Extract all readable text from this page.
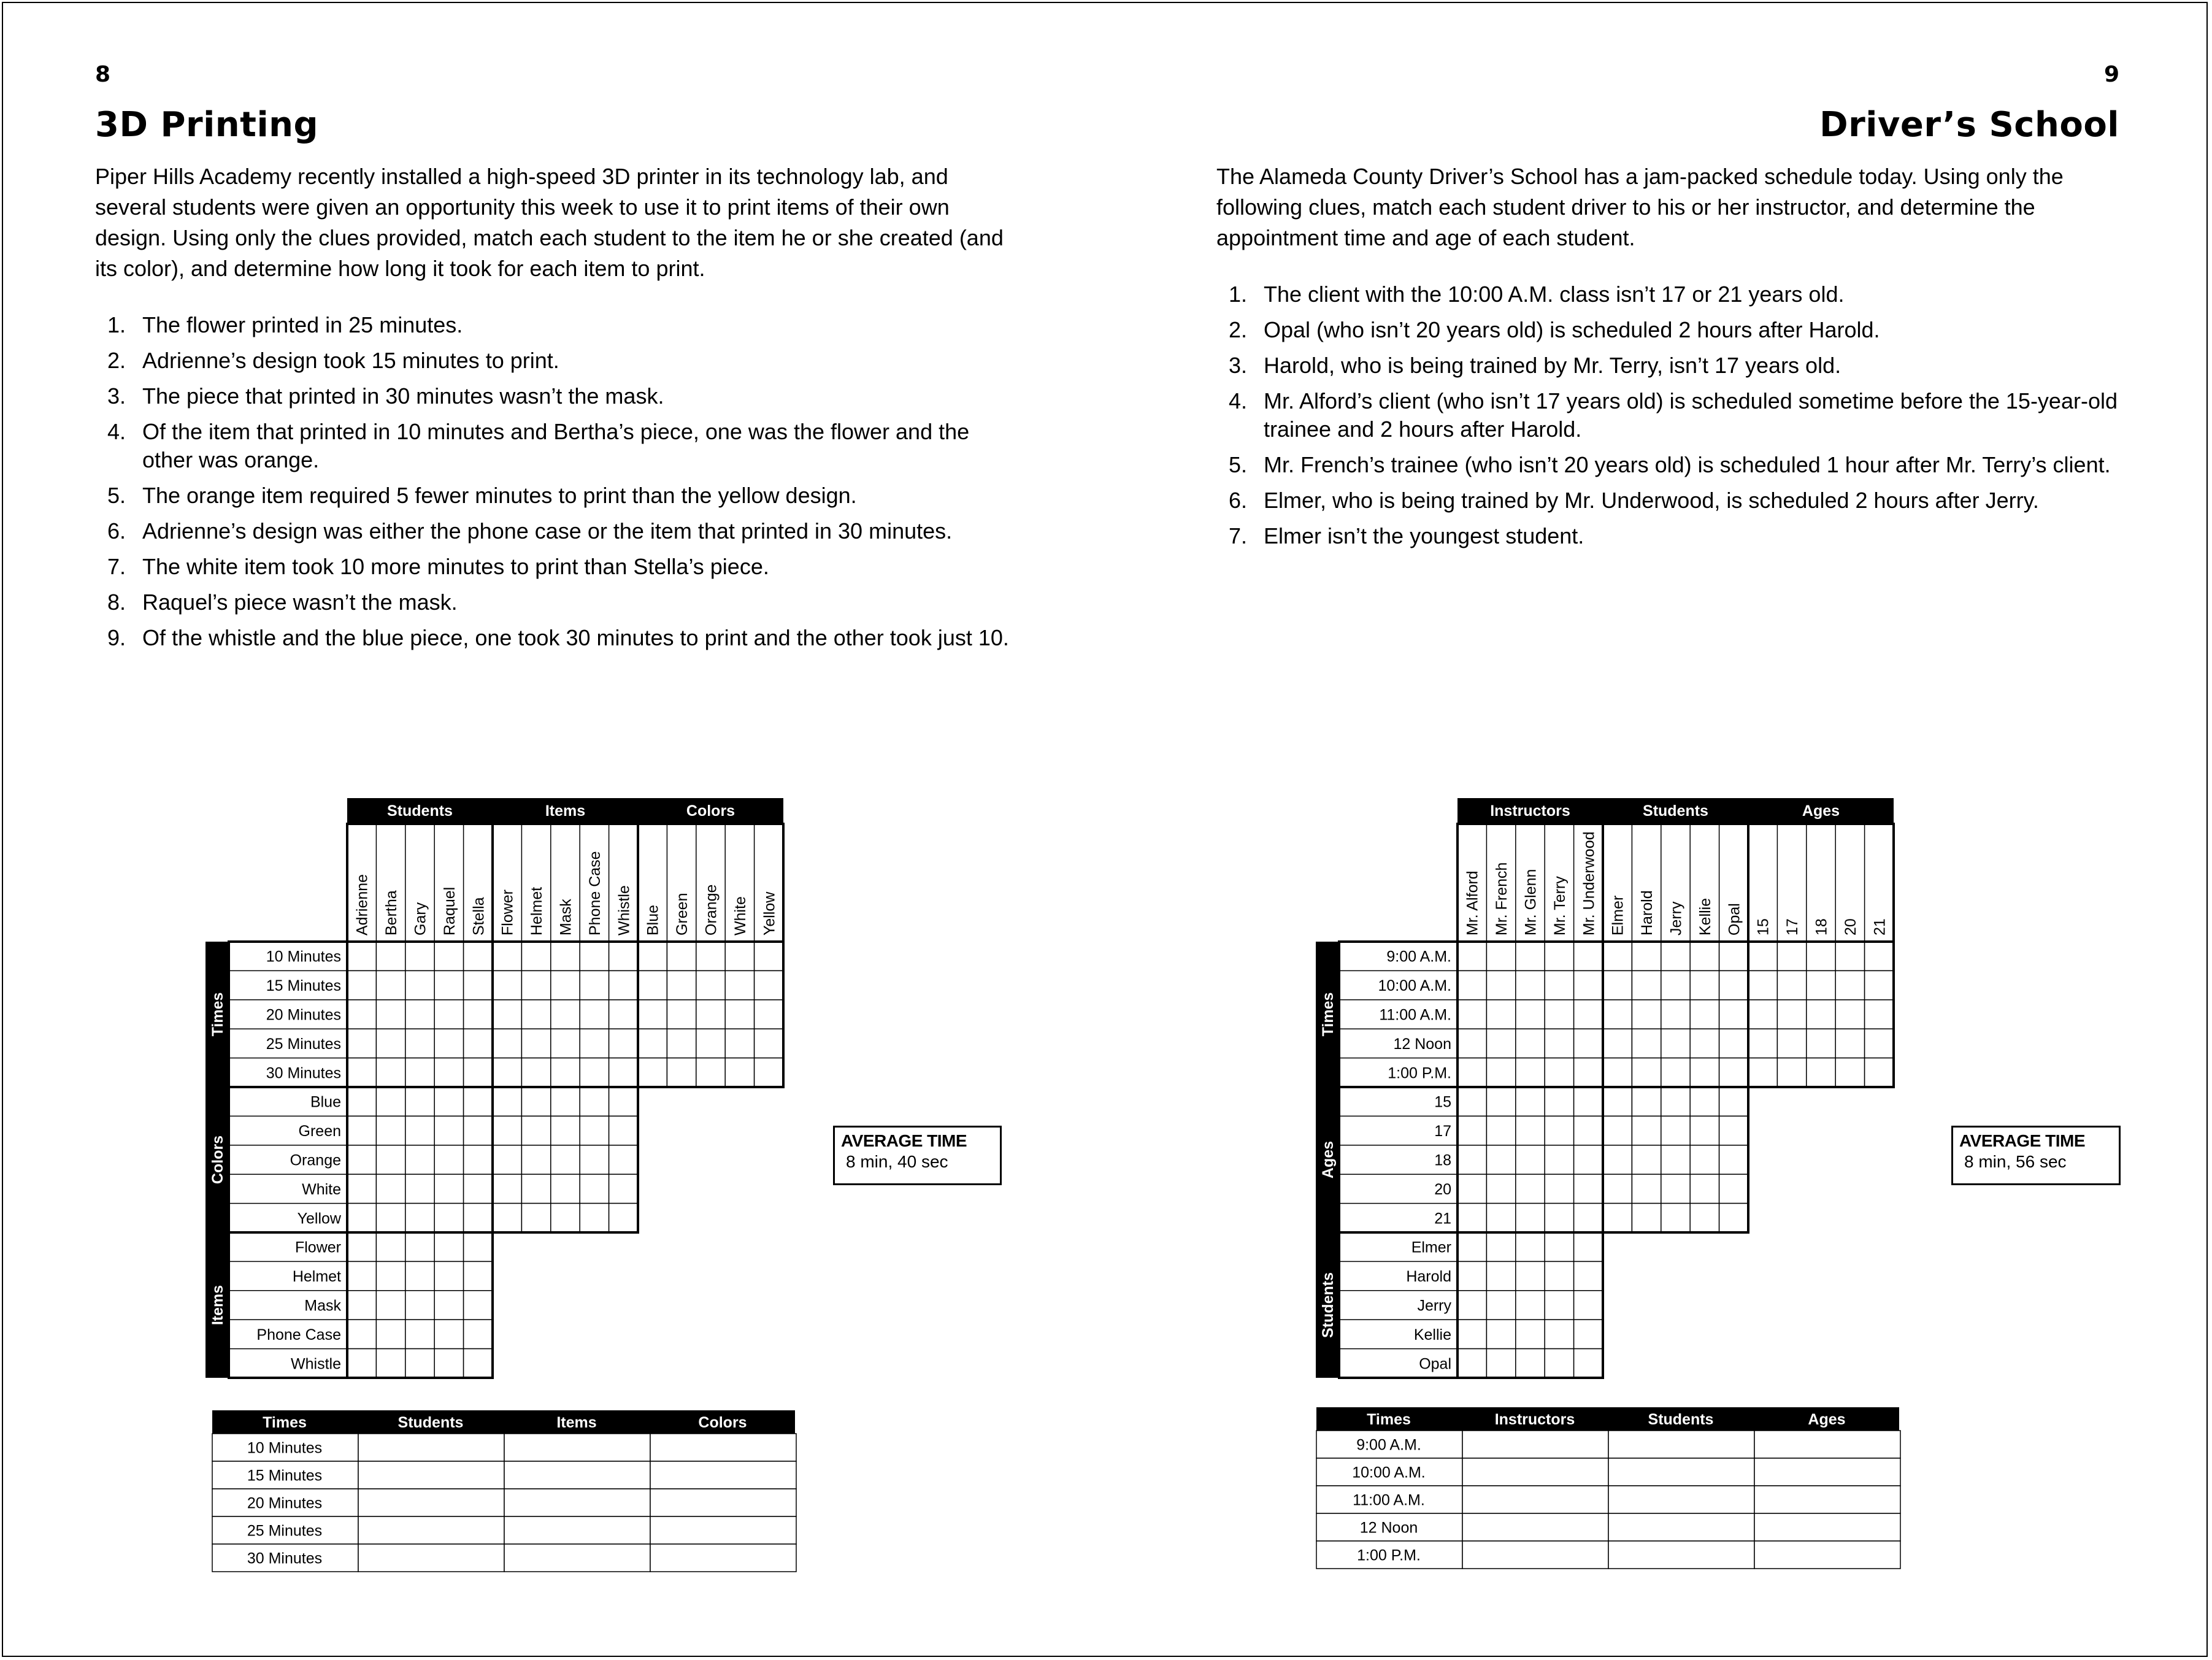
8
3D Printing

Piper Hills Academy recently installed a high-speed 3D printer in its technology lab, and several students were given an opportunity this week to use it to print items of their own design. Using only the clues provided, match each student to the item he or she created (and its color), and determine how long it took for each item to print.

1. The flower printed in 25 minutes.
2. Adrienne’s design took 15 minutes to print.
3. The piece that printed in 30 minutes wasn’t the mask.
4. Of the item that printed in 10 minutes and Bertha’s piece, one was the flower and the other was orange.
5. The orange item required 5 fewer minutes to print than the yellow design.
6. Adrienne’s design was either the phone case or the item that printed in 30 minutes.
7. The white item took 10 more minutes to print than Stella’s piece.
8. Raquel’s piece wasn’t the mask.
9. Of the whistle and the blue piece, one took 30 minutes to print and the other took just 10.
Students
Adrienne Bertha Gary Raquel Stella
Items
Flower Helmet Mask Phone Case Whistle
Colors
Blue Green Orange White Yellow
Times
10 Minutes
15 Minutes
20 Minutes
25 Minutes
30 Minutes
Colors
Blue
Green
Orange
White
Yellow
Items
Flower
Helmet
Mask
Phone Case
Whistle
Times	Students	Items	Colors
10 Minutes
15 Minutes
20 Minutes
25 Minutes
30 Minutes
AVERAGE TIME
8 min, 40 sec
9
Driver’s School

The Alameda County Driver’s School has a jam-packed schedule today. Using only the following clues, match each student driver to his or her instructor, and determine the appointment time and age of each student.

1. The client with the 10:00 A.M. class isn’t 17 or 21 years old.
2. Opal (who isn’t 20 years old) is scheduled 2 hours after Harold.
3. Harold, who is being trained by Mr. Terry, isn’t 17 years old.
4. Mr. Alford’s client (who isn’t 17 years old) is scheduled sometime before the 15-year-old trainee and 2 hours after Harold.
5. Mr. French’s trainee (who isn’t 20 years old) is scheduled 1 hour after Mr. Terry’s client.
6. Elmer, who is being trained by Mr. Underwood, is scheduled 2 hours after Jerry.
7. Elmer isn’t the youngest student.
Instructors
Mr. Alford Mr. French Mr. Glenn Mr. Terry Mr. Underwood
Students
Elmer Harold Jerry Kellie Opal
Ages
15 17 18 20 21
Times
9:00 A.M.
10:00 A.M.
11:00 A.M.
12 Noon
1:00 P.M.
Ages
15
17
18
20
21
Students
Elmer
Harold
Jerry
Kellie
Opal
Times	Instructors	Students	Ages
9:00 A.M.
10:00 A.M.
11:00 A.M.
12 Noon
1:00 P.M.
AVERAGE TIME
8 min, 56 sec
